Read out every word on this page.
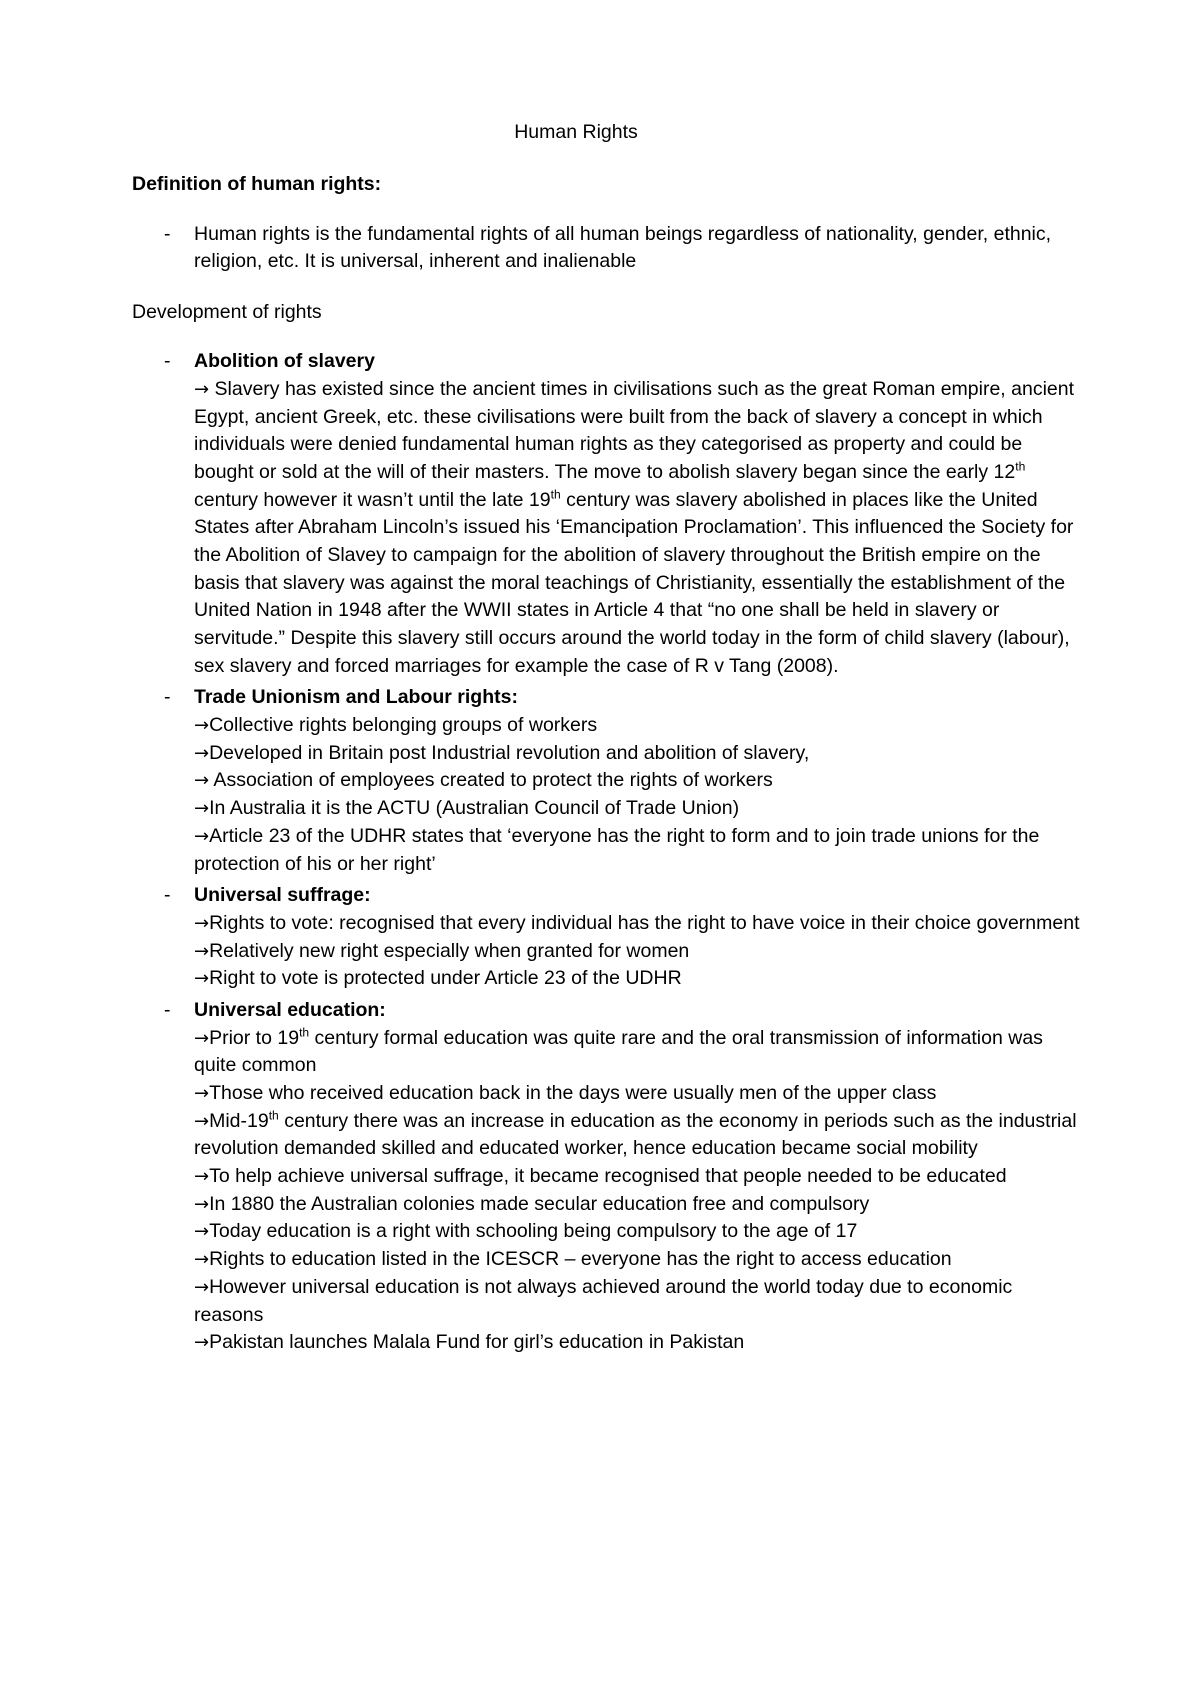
Human Rights
Definition of human rights:
- Human rights is the fundamental rights of all human beings regardless of nationality, gender, ethnic, religion, etc. It is universal, inherent and inalienable
Development of rights
- Abolition of slavery
→ Slavery has existed since the ancient times in civilisations such as the great Roman empire, ancient Egypt, ancient Greek, etc. these civilisations were built from the back of slavery a concept in which individuals were denied fundamental human rights as they categorised as property and could be bought or sold at the will of their masters. The move to abolish slavery began since the early 12th century however it wasn’t until the late 19th century was slavery abolished in places like the United States after Abraham Lincoln’s issued his ‘Emancipation Proclamation’. This influenced the Society for the Abolition of Slavey to campaign for the abolition of slavery throughout the British empire on the basis that slavery was against the moral teachings of Christianity, essentially the establishment of the United Nation in 1948 after the WWII states in Article 4 that “no one shall be held in slavery or servitude.” Despite this slavery still occurs around the world today in the form of child slavery (labour), sex slavery and forced marriages for example the case of R v Tang (2008).
- Trade Unionism and Labour rights:
→Collective rights belonging groups of workers
→Developed in Britain post Industrial revolution and abolition of slavery,
→ Association of employees created to protect the rights of workers
→In Australia it is the ACTU (Australian Council of Trade Union)
→Article 23 of the UDHR states that ‘everyone has the right to form and to join trade unions for the protection of his or her right’
- Universal suffrage:
→Rights to vote: recognised that every individual has the right to have voice in their choice government
→Relatively new right especially when granted for women
→Right to vote is protected under Article 23 of the UDHR
- Universal education:
→Prior to 19th century formal education was quite rare and the oral transmission of information was quite common
→Those who received education back in the days were usually men of the upper class
→Mid-19th century there was an increase in education as the economy in periods such as the industrial revolution demanded skilled and educated worker, hence education became social mobility
→To help achieve universal suffrage, it became recognised that people needed to be educated
→In 1880 the Australian colonies made secular education free and compulsory
→Today education is a right with schooling being compulsory to the age of 17
→Rights to education listed in the ICESCR – everyone has the right to access education
→However universal education is not always achieved around the world today due to economic reasons
→Pakistan launches Malala Fund for girl’s education in Pakistan
